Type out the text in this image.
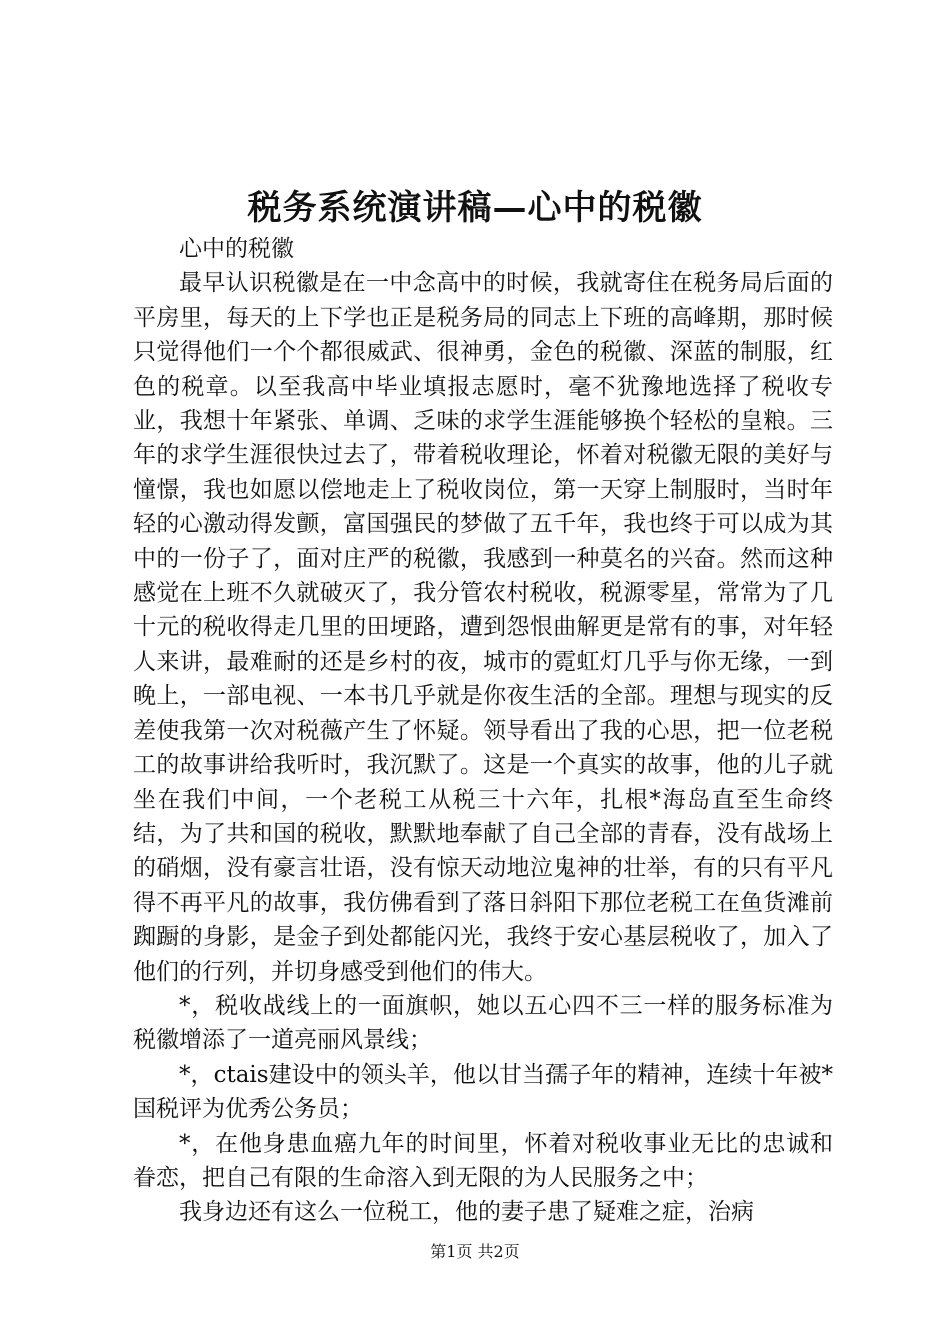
税务系统演讲稿—心中的税徽

心中的税徽

最早认识税徽是在一中念高中的时候，我就寄住在税务局后面的平房里，每天的上下学也正是税务局的同志上下班的高峰期，那时候只觉得他们一个个都很威武、很神勇，金色的税徽、深蓝的制服，红色的税章。以至我高中毕业填报志愿时，毫不犹豫地选择了税收专业，我想十年紧张、单调、乏味的求学生涯能够换个轻松的皇粮。三年的求学生涯很快过去了，带着税收理论，怀着对税徽无限的美好与憧憬，我也如愿以偿地走上了税收岗位，第一天穿上制服时，当时年轻的心激动得发颤，富国强民的梦做了五千年，我也终于可以成为其中的一份子了，面对庄严的税徽，我感到一种莫名的兴奋。然而这种感觉在上班不久就破灭了，我分管农村税收，税源零星，常常为了几十元的税收得走几里的田埂路，遭到怨恨曲解更是常有的事，对年轻人来讲，最难耐的还是乡村的夜，城市的霓虹灯几乎与你无缘，一到晚上，一部电视、一本书几乎就是你夜生活的全部。理想与现实的反差使我第一次对税薇产生了怀疑。领导看出了我的心思，把一位老税工的故事讲给我听时，我沉默了。这是一个真实的故事，他的儿子就坐在我们中间，一个老税工从税三十六年，扎根*海岛直至生命终结，为了共和国的税收，默默地奉献了自己全部的青春，没有战场上的硝烟，没有豪言壮语，没有惊天动地泣鬼神的壮举，有的只有平凡得不再平凡的故事，我仿佛看到了落日斜阳下那位老税工在鱼货滩前踟蹰的身影，是金子到处都能闪光，我终于安心基层税收了，加入了他们的行列，并切身感受到他们的伟大。

*，税收战线上的一面旗帜，她以五心四不三一样的服务标准为税徽增添了一道亮丽风景线；

*，ctais建设中的领头羊，他以甘当孺子年的精神，连续十年被*国税评为优秀公务员；

*，在他身患血癌九年的时间里，怀着对税收事业无比的忠诚和眷恋，把自己有限的生命溶入到无限的为人民服务之中；

我身边还有这么一位税工，他的妻子患了疑难之症，治病

第1页 共2页
